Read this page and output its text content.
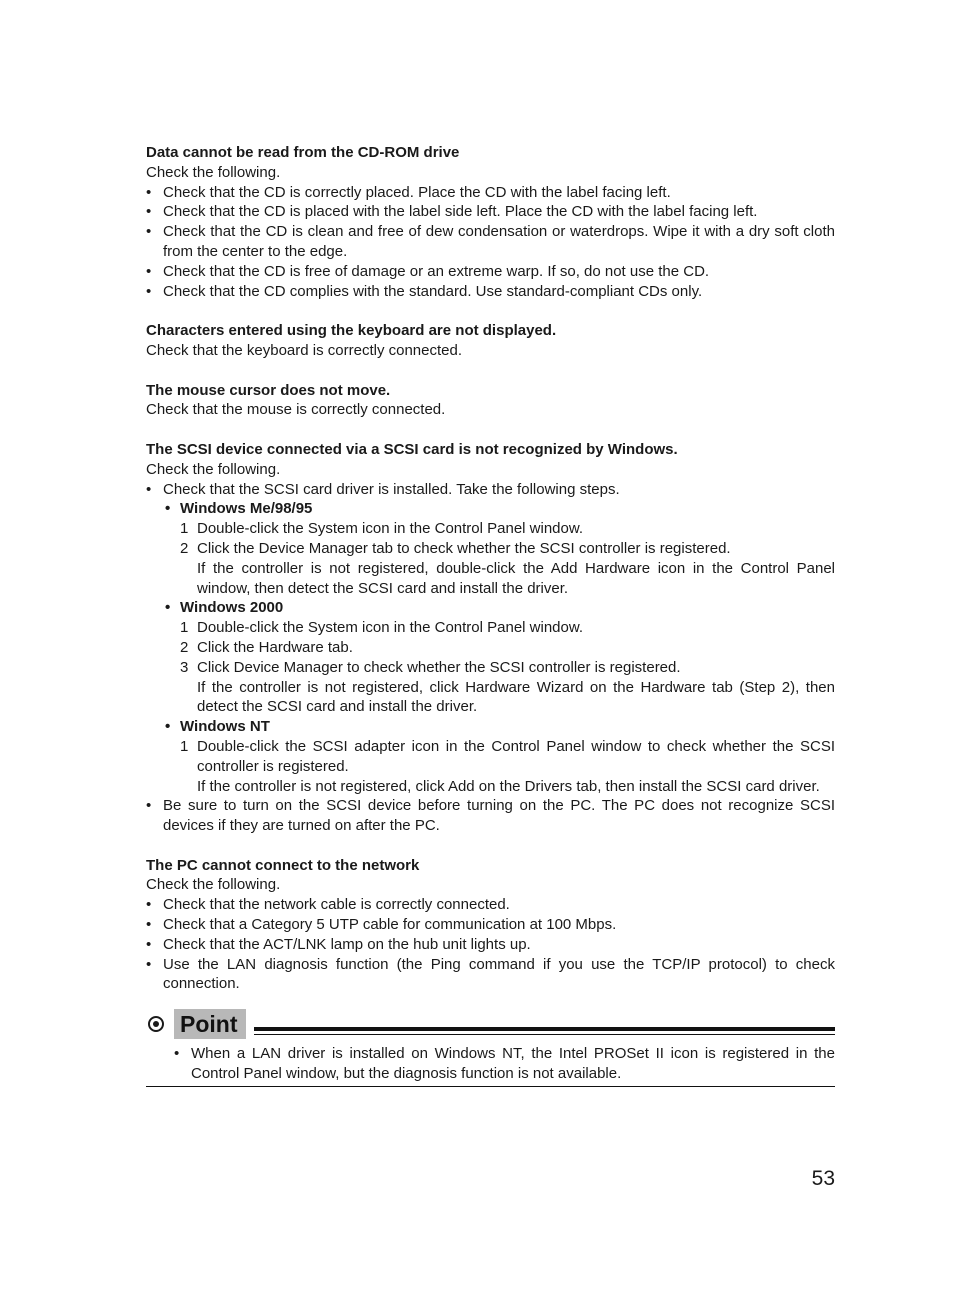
Data cannot be read from the CD-ROM drive

Check the following.

• Check that the CD is correctly placed. Place the CD with the label facing left.
• Check that the CD is placed with the label side left. Place the CD with the label facing left.
• Check that the CD is clean and free of dew condensation or waterdrops. Wipe it with a dry soft cloth from the center to the edge.
• Check that the CD is free of damage or an extreme warp. If so, do not use the CD.
• Check that the CD complies with the standard. Use standard-compliant CDs only.

Characters entered using the keyboard are not displayed.

Check that the keyboard is correctly connected.

The mouse cursor does not move.

Check that the mouse is correctly connected.

The SCSI device connected via a SCSI card is not recognized by Windows.

Check the following.

• Check that the SCSI card driver is installed. Take the following steps.
• Windows Me/98/95
1 Double-click the System icon in the Control Panel window.
2 Click the Device Manager tab to check whether the SCSI controller is registered.
If the controller is not registered, double-click the Add Hardware icon in the Control Panel window, then detect the SCSI card and install the driver.
• Windows 2000
1 Double-click the System icon in the Control Panel window.
2 Click the Hardware tab.
3 Click Device Manager to check whether the SCSI controller is registered.
If the controller is not registered, click Hardware Wizard on the Hardware tab (Step 2), then detect the SCSI card and install the driver.
• Windows NT
1 Double-click the SCSI adapter icon in the Control Panel window to check whether the SCSI controller is registered.
If the controller is not registered, click Add on the Drivers tab, then install the SCSI card driver.
• Be sure to turn on the SCSI device before turning on the PC. The PC does not recognize SCSI devices if they are turned on after the PC.

The PC cannot connect to the network

Check the following.

• Check that the network cable is correctly connected.
• Check that a Category 5 UTP cable for communication at 100 Mbps.
• Check that the ACT/LNK lamp on the hub unit lights up.
• Use the LAN diagnosis function (the Ping command if you use the TCP/IP protocol) to check connection.
Point
• When a LAN driver is installed on Windows NT, the Intel PROSet II icon is registered in the Control Panel window, but the diagnosis function is not available.
53
